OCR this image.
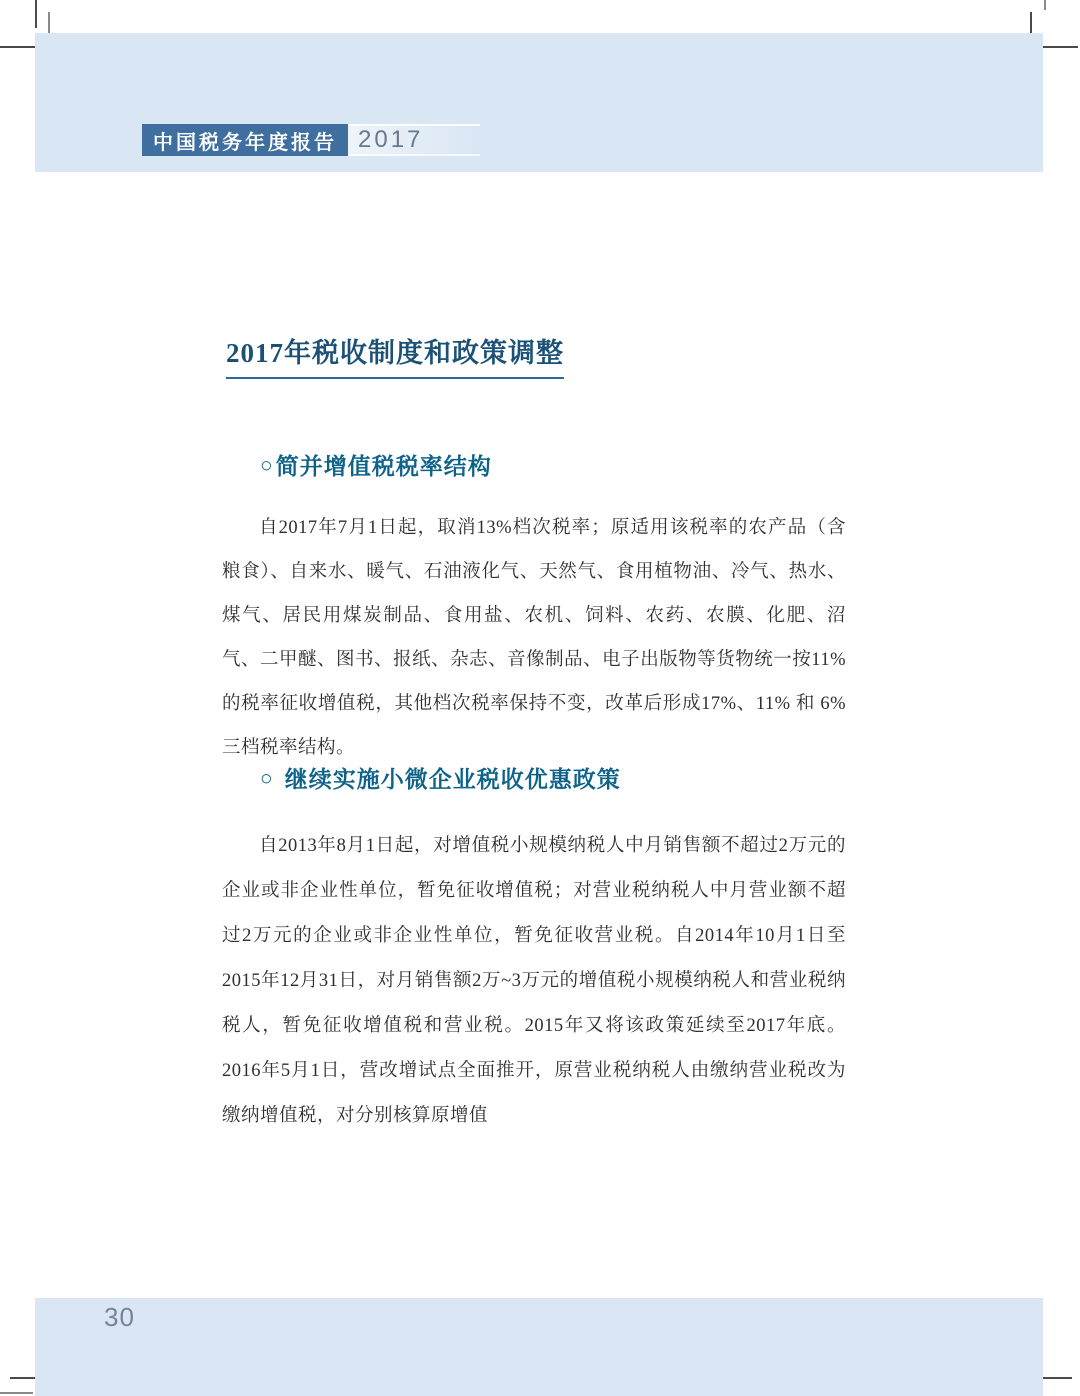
中国税务年度报告 2017
2017年税收制度和政策调整
○ 简并增值税税率结构

自2017年7月1日起，取消13%档次税率；原适用该税率的农产品（含粮食）、自来水、暖气、石油液化气、天然气、食用植物油、冷气、热水、煤气、居民用煤炭制品、食用盐、农机、饲料、农药、农膜、化肥、沼气、二甲醚、图书、报纸、杂志、音像制品、电子出版物等货物统一按11%的税率征收增值税，其他档次税率保持不变，改革后形成17%、11% 和 6%三档税率结构。

○ 继续实施小微企业税收优惠政策

自2013年8月1日起，对增值税小规模纳税人中月销售额不超过2万元的企业或非企业性单位，暂免征收增值税；对营业税纳税人中月营业额不超过2万元的企业或非企业性单位，暂免征收营业税。自2014年10月1日至2015年12月31日，对月销售额2万~3万元的增值税小规模纳税人和营业税纳税人，暂免征收增值税和营业税。2015年又将该政策延续至2017年底。2016年5月1日，营改增试点全面推开，原营业税纳税人由缴纳营业税改为缴纳增值税，对分别核算原增值

30
